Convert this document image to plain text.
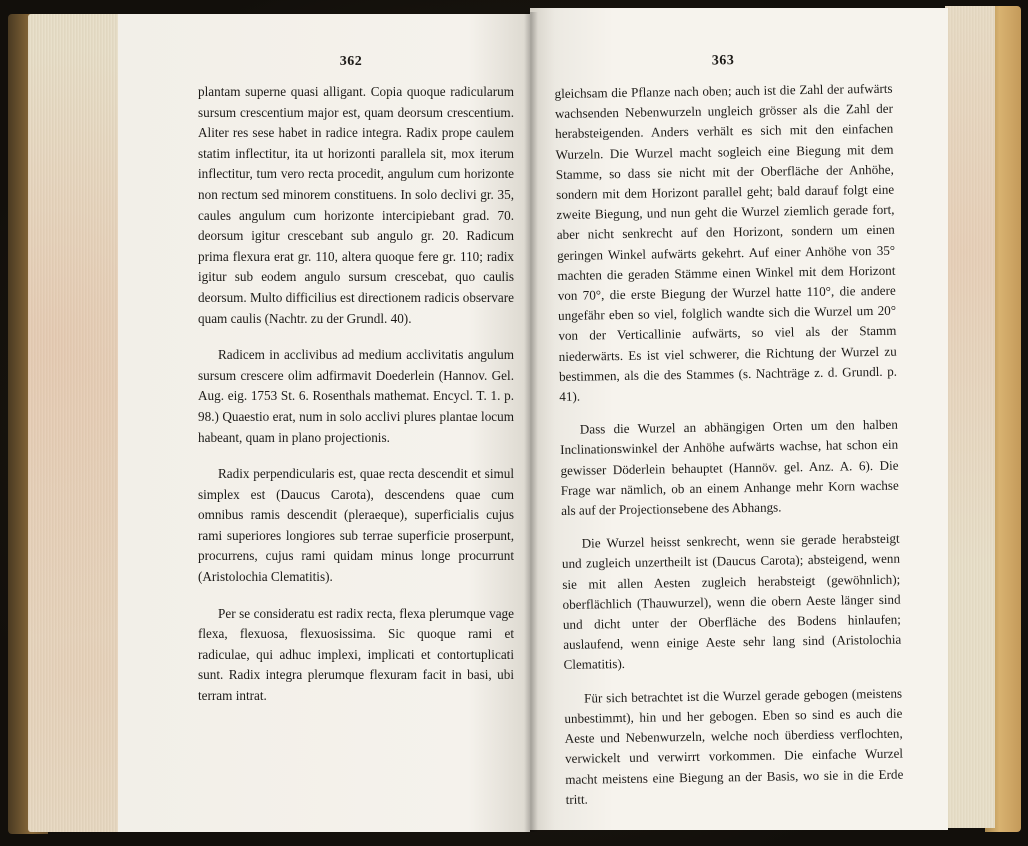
362

plantam superne quasi alligant. Copia quoque radicularum sursum crescentium major est, quam deorsum crescentium. Aliter res sese habet in radice integra. Radix prope caulem statim inflectitur, ita ut horizonti parallela sit, mox iterum inflectitur, tum vero recta procedit, angulum cum horizonte non rectum sed minorem constituens. In solo declivi gr. 35, caules angulum cum horizonte intercipiebant grad. 70. deorsum igitur crescebant sub angulo gr. 20. Radicum prima flexura erat gr. 110, altera quoque fere gr. 110; radix igitur sub eodem angulo sursum crescebat, quo caulis deorsum. Multo difficilius est directionem radicis observare quam caulis (Nachtr. zu der Grundl. 40).

Radicem in acclivibus ad medium acclivitatis angulum sursum crescere olim adfirmavit Doederlein (Hannov. Gel. Aug. eig. 1753 St. 6. Rosenthals mathemat. Encycl. T. 1. p. 98.) Quaestio erat, num in solo acclivi plures plantae locum habeant, quam in plano projectionis.

Radix perpendicularis est, quae recta descendit et simul simplex est (Daucus Carota), descendens quae cum omnibus ramis descendit (pleraeque), superficialis cujus rami superiores longiores sub terrae superficie proserpunt, procurrens, cujus rami quidam minus longe procurrunt (Aristolochia Clematitis).

Per se consideratu est radix recta, flexa plerumque vage flexa, flexuosa, flexuosissima. Sic quoque rami et radiculae, qui adhuc implexi, implicati et contortuplicati sunt. Radix integra plerumque flexuram facit in basi, ubi terram intrat.

363

gleichsam die Pflanze nach oben; auch ist die Zahl der aufwärts wachsenden Nebenwurzeln ungleich grösser als die Zahl der herabsteigenden. Anders verhält es sich mit den einfachen Wurzeln. Die Wurzel macht sogleich eine Biegung mit dem Stamme, so dass sie nicht mit der Oberfläche der Anhöhe, sondern mit dem Horizont parallel geht; bald darauf folgt eine zweite Biegung, und nun geht die Wurzel ziemlich gerade fort, aber nicht senkrecht auf den Horizont, sondern um einen geringen Winkel aufwärts gekehrt. Auf einer Anhöhe von 35° machten die geraden Stämme einen Winkel mit dem Horizont von 70°, die erste Biegung der Wurzel hatte 110°, die andere ungefähr eben so viel, folglich wandte sich die Wurzel um 20° von der Verticallinie aufwärts, so viel als der Stamm niederwärts. Es ist viel schwerer, die Richtung der Wurzel zu bestimmen, als die des Stammes (s. Nachträge z. d. Grundl. p. 41).

Dass die Wurzel an abhängigen Orten um den halben Inclinationswinkel der Anhöhe aufwärts wachse, hat schon ein gewisser Döderlein behauptet (Hannöv. gel. Anz. A. 6). Die Frage war nämlich, ob an einem Anhange mehr Korn wachse als auf der Projectionsebene des Abhangs.

Die Wurzel heisst senkrecht, wenn sie gerade herabsteigt und zugleich unzertheilt ist (Daucus Carota); absteigend, wenn sie mit allen Aesten zugleich herabsteigt (gewöhnlich); oberflächlich (Thauwurzel), wenn die obern Aeste länger sind und dicht unter der Oberfläche des Bodens hinlaufen; auslaufend, wenn einige Aeste sehr lang sind (Aristolochia Clematitis).

Für sich betrachtet ist die Wurzel gerade gebogen (meistens unbestimmt), hin und her gebogen. Eben so sind es auch die Aeste und Nebenwurzeln, welche noch überdiess verflochten, verwickelt und verwirrt vorkommen. Die einfache Wurzel macht meistens eine Biegung an der Basis, wo sie in die Erde tritt.
